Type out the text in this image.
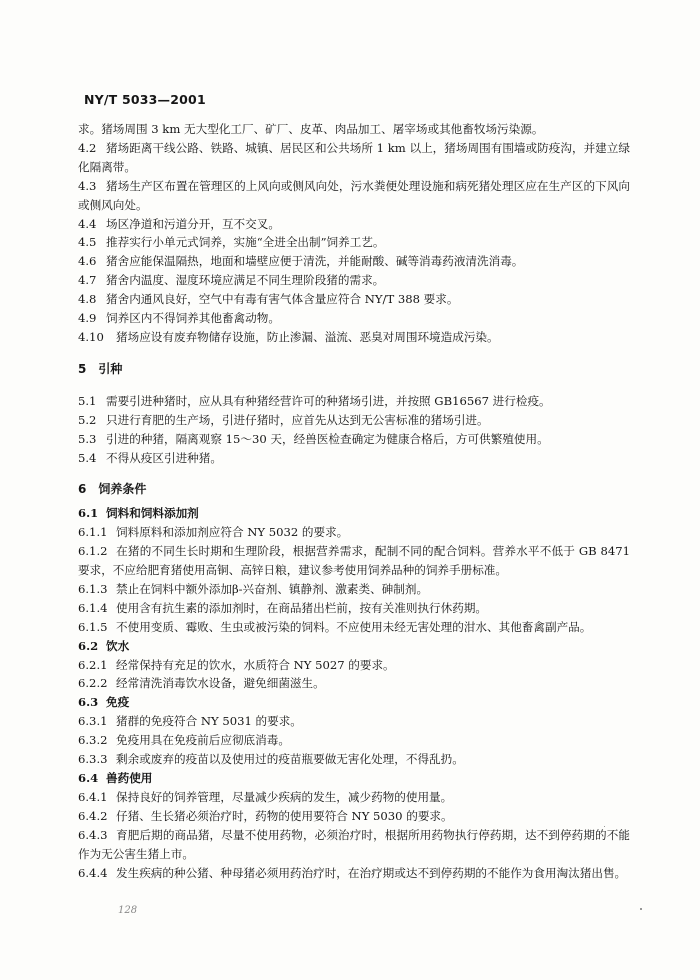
NY/T 5033—2001

求。猪场周围 3 km 无大型化工厂、矿厂、皮革、肉品加工、屠宰场或其他畜牧场污染源。

4.2 猪场距离干线公路、铁路、城镇、居民区和公共场所 1 km 以上，猪场周围有围墙或防疫沟，并建立绿化隔离带。

4.3 猪场生产区布置在管理区的上风向或侧风向处，污水粪便处理设施和病死猪处理区应在生产区的下风向或侧风向处。

4.4 场区净道和污道分开，互不交叉。

4.5 推荐实行小单元式饲养，实施“全进全出制”饲养工艺。

4.6 猪舍应能保温隔热，地面和墙壁应便于清洗，并能耐酸、碱等消毒药液清洗消毒。

4.7 猪舍内温度、湿度环境应满足不同生理阶段猪的需求。

4.8 猪舍内通风良好，空气中有毒有害气体含量应符合 NY/T 388 要求。

4.9 饲养区内不得饲养其他畜禽动物。

4.10 猪场应设有废弃物储存设施，防止渗漏、溢流、恶臭对周围环境造成污染。

5　引种

5.1 需要引进种猪时，应从具有种猪经营许可的种猪场引进，并按照 GB16567 进行检疫。

5.2 只进行育肥的生产场，引进仔猪时，应首先从达到无公害标准的猪场引进。

5.3 引进的种猪，隔离观察 15～30 天，经兽医检查确定为健康合格后，方可供繁殖使用。

5.4 不得从疫区引进种猪。

6　饲养条件

6.1 饲料和饲料添加剂

6.1.1 饲料原料和添加剂应符合 NY 5032 的要求。

6.1.2 在猪的不同生长时期和生理阶段，根据营养需求，配制不同的配合饲料。营养水平不低于 GB 8471 要求，不应给肥育猪使用高铜、高锌日粮，建议参考使用饲养品种的饲养手册标准。

6.1.3 禁止在饲料中额外添加β-兴奋剂、镇静剂、激素类、砷制剂。

6.1.4 使用含有抗生素的添加剂时，在商品猪出栏前，按有关准则执行休药期。

6.1.5 不使用变质、霉败、生虫或被污染的饲料。不应使用未经无害处理的泔水、其他畜禽副产品。

6.2 饮水

6.2.1 经常保持有充足的饮水，水质符合 NY 5027 的要求。

6.2.2 经常清洗消毒饮水设备，避免细菌滋生。

6.3 免疫

6.3.1 猪群的免疫符合 NY 5031 的要求。

6.3.2 免疫用具在免疫前后应彻底消毒。

6.3.3 剩余或废弃的疫苗以及使用过的疫苗瓶要做无害化处理，不得乱扔。

6.4 兽药使用

6.4.1 保持良好的饲养管理，尽量减少疾病的发生，减少药物的使用量。

6.4.2 仔猪、生长猪必须治疗时，药物的使用要符合 NY 5030 的要求。

6.4.3 育肥后期的商品猪，尽量不使用药物，必须治疗时，根据所用药物执行停药期，达不到停药期的不能作为无公害生猪上市。

6.4.4 发生疾病的种公猪、种母猪必须用药治疗时，在治疗期或达不到停药期的不能作为食用淘汰猪出售。

128
